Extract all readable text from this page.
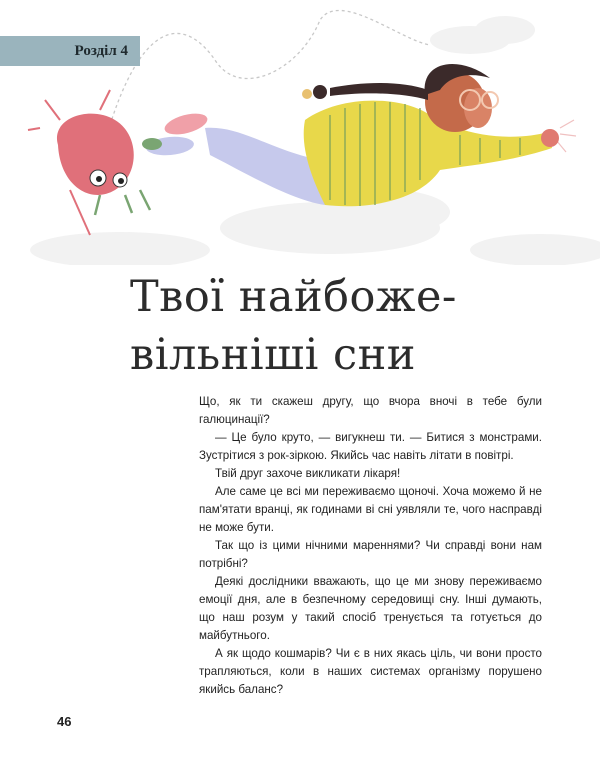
Розділ 4
Твої найбоже-
вільніші сни

Що, як ти скажеш другу, що вчора вночі в тебе були галюцинації?

— Це було круто, — вигукнеш ти. — Битися з монстрами. Зустрітися з рок-зіркою. Якийсь час навіть літати в повітрі.

Твій друг захоче викликати лікаря!

Але саме це всі ми переживаємо щоночі. Хоча можемо й не пам'ятати вранці, як годинами ві сні уявляли те, чого насправді не може бути.

Так що із цими нічними мареннями? Чи справді вони нам потрібні?

Деякі дослідники вважають, що це ми знову переживаємо емоції дня, але в безпечному середовищі сну. Інші думають, що наш розум у такий спосіб тренується та готується до майбутнього.

А як щодо кошмарів? Чи є в них якась ціль, чи вони просто трапляються, коли в наших системах організму порушено якийсь баланс?

46
